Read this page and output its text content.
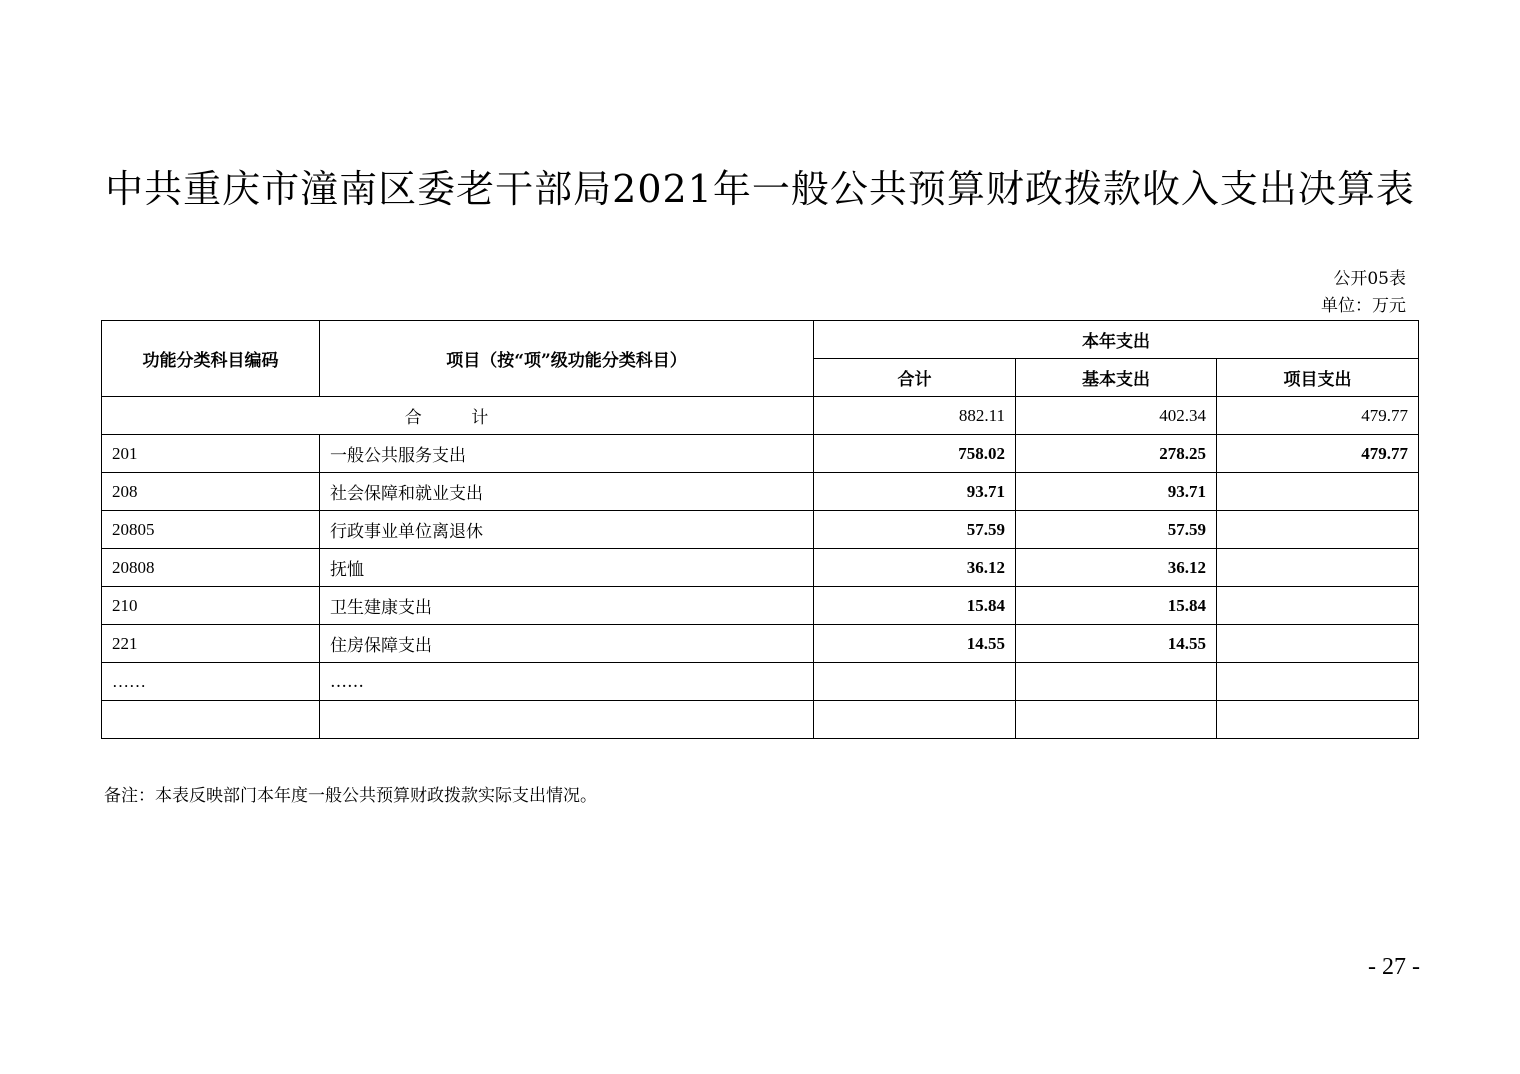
中共重庆市潼南区委老干部局2021年一般公共预算财政拨款收入支出决算表
公开05表
单位：万元
功能分类科目编码	项目（按“项”级功能分类科目）	本年支出		
		合计	基本支出	项目支出
合 计		882.11	402.34	479.77
201	一般公共服务支出	758.02	278.25	479.77
208	社会保障和就业支出	93.71	93.71	
20805	行政事业单位离退休	57.59	57.59	
20808	抚恤	36.12	36.12	
210	卫生建康支出	15.84	15.84	
221	住房保障支出	14.55	14.55	
……	……			

备注：本表反映部门本年度一般公共预算财政拨款实际支出情况。
- 27 -
